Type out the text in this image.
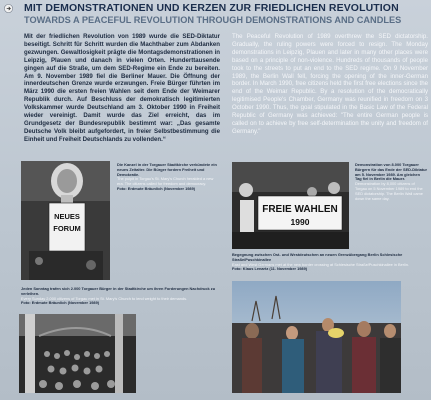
MIT DEMONSTRATIONEN UND KERZEN ZUR FRIEDLICHEN REVOLUTION
TOWARDS A PEACEFUL REVOLUTION THROUGH DEMONSTRATIONS AND CANDLES
Mit der friedlichen Revolution von 1989 wurde die SED-Diktatur beseitigt. Schritt für Schritt wurden die Machthaber zum Abdanken gezwungen. Gewaltlosigkeit prägte die Montagsdemonstrationen in Leipzig, Plauen und danach in vielen Orten. Hunderttausende gingen auf die Straße, um dem SED-Regime ein Ende zu bereiten. Am 9. November 1989 fiel die Berliner Mauer. Die Öffnung der innerdeutschen Grenze wurde erzwungen. Freie Bürger führten im März 1990 die ersten freien Wahlen seit dem Ende der Weimarer Republik durch. Auf Beschluss der demokratisch legitimierten Volkskammer wurde Deutschland am 3. Oktober 1990 in Freiheit wieder vereinigt. Damit wurde das Ziel erreicht, das im Grundgesetz der Bundesrepublik bestimmt war: „Das gesamte Deutsche Volk bleibt aufgefordert, in freier Selbstbestimmung die Einheit und Freiheit Deutschlands zu vollenden.“
The Peaceful Revolution of 1989 overthrew the SED dictatorship. Gradually, the ruling powers were forced to resign. The Monday demonstrations in Leipzig, Plauen and later in many other places were based on a principle of non-violence. Hundreds of thousands of people took to the streets to put an end to the SED regime. On 9 November 1989, the Berlin Wall fell, forcing the opening of the inner-German border. In March 1990, free citizens held the first free elections since the end of the Weimar Republic. By a resolution of the democratically legitimised People's Chamber, Germany was reunified in freedom on 3 October 1990. Thus, the goal stipulated in the Basic Law of the Federal Republic of Germany was achieved: "The entire German people is called on to achieve by free self-determination the unity and freedom of Germany."
NEUES
FORUM
Die Kanzel in der Torgauer Stadtkirche verkündete ein neues Zeitalter. Die Bürger fordern Freiheit und Demokratie.
The pulpit in Torgau's St. Mary's Church heralded a new era. The citizens called for freedom and democracy.
Foto: Erdmute Bräunlich (November 1989)
FREIE WAHLEN
1990
Begegnung zwischen Ost- und Westdeutschen an neuen Grenzübergang Berlin Schlesische Straße/Puschkinallee
East and West Germans met at the new border crossing at Schlesische Straße/Puschkinallee in Berlin.
Foto: Klaus Lenartz (11. November 1989)
Demonstration von 8.000 Torgauer Bürgern für das Ende der SED-Diktatur am 5. November 1989. Am gleichen Tag fiel in Berlin die Mauer.
Demonstration by 8,000 citizens of Torgau on 5 November 1989 to end the SED dictatorship. The Berlin Wall came down the same day.
Jeden Sonntag trafen sich 2.000 Torgauer Bürger in der Stadtkirche um ihren Forderungen Nachdruck zu verleihen.
Every Sunday 2,000 citizens of Torgau met in St. Mary's Church to lend weight to their demands.
Foto: Erdmute Bräunlich (November 1989)
